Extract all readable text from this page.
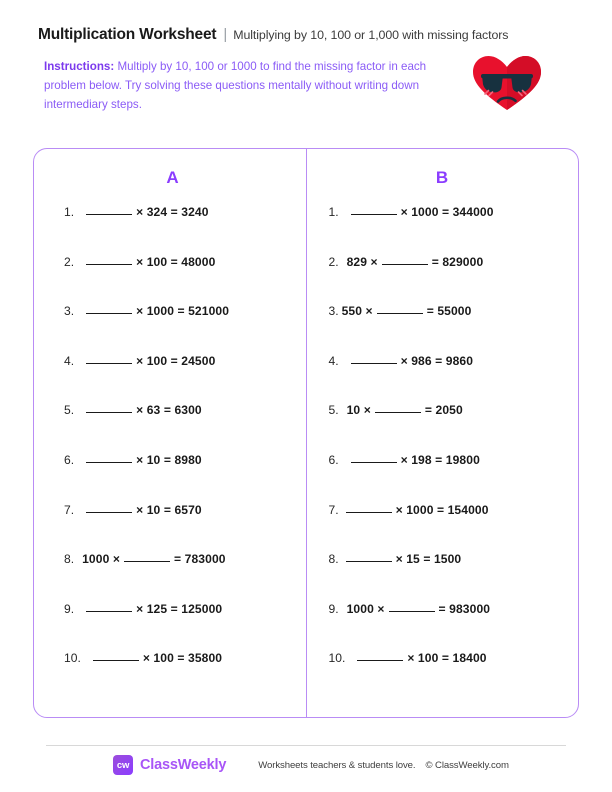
Multiplication Worksheet | Multiplying by 10, 100 or 1,000 with missing factors
Instructions: Multiply by 10, 100 or 1000 to find the missing factor in each problem below. Try solving these questions mentally without writing down intermediary steps.
A
1.	× 324 = 3240
2.	× 100 = 48000
3.	× 1000 = 521000
4.	× 100 = 24500
5.	× 63 = 6300
6.	× 10 = 8980
7.	× 10 = 6570
8. 1000 ×	= 783000
9.	× 125 = 125000
10.	× 100 = 35800
B
1.	× 1000 = 344000
2. 829 ×	= 829000
3. 550 ×	= 55000
4.	× 986 = 9860
5. 10 ×	= 2050
6.	× 198 = 19800
7.	× 1000 = 154000
8.	× 15 = 1500
9. 1000 ×	= 983000
10.	× 100 = 18400
cw ClassWeekly	Worksheets teachers & students love. © ClassWeekly.com
